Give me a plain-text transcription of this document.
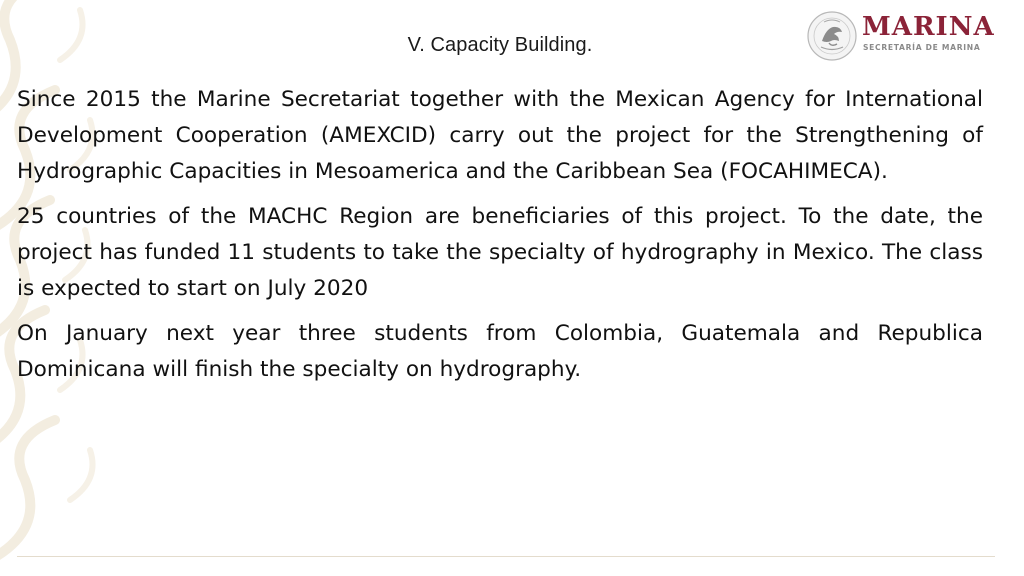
V. Capacity Building.
MARINA
SECRETARÍA DE MARINA

Since 2015 the Marine Secretariat together with the Mexican Agency for International Development Cooperation (AMEXCID) carry out the project for the Strengthening of Hydrographic Capacities in Mesoamerica and the Caribbean Sea (FOCAHIMECA).

25 countries of the MACHC Region are beneficiaries of this project. To the date, the project has funded 11 students to take the specialty of hydrography in Mexico. The class is expected to start on July 2020

On January next year three students from Colombia, Guatemala and Republica Dominicana will finish the specialty on hydrography.
